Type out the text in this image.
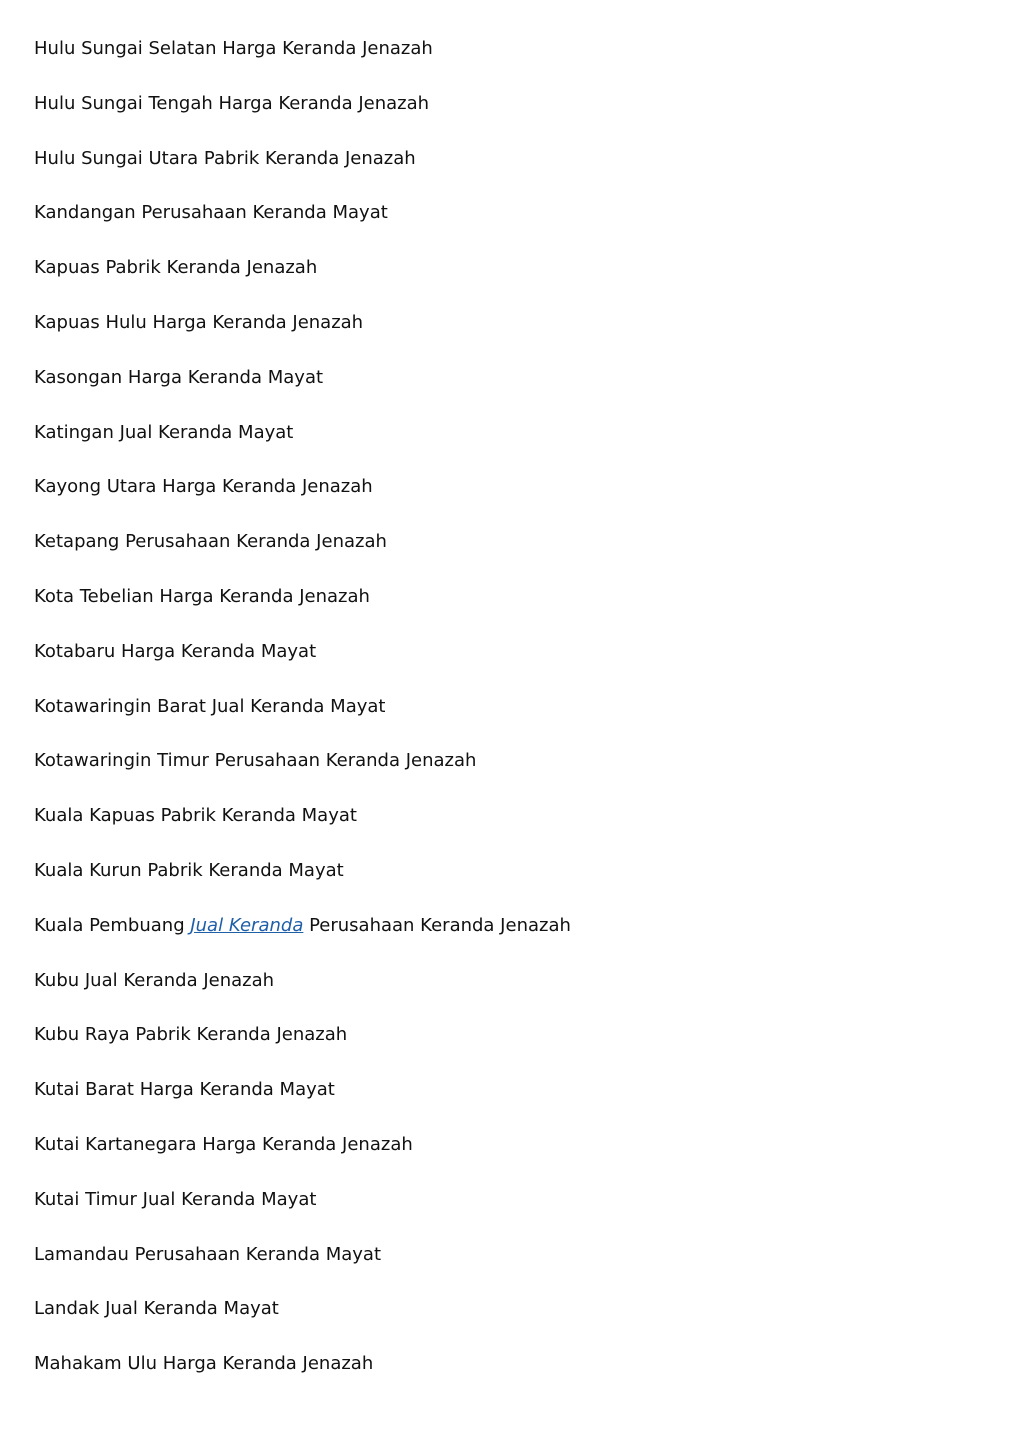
Hulu Sungai Selatan Harga Keranda Jenazah

Hulu Sungai Tengah Harga Keranda Jenazah

Hulu Sungai Utara Pabrik Keranda Jenazah

Kandangan Perusahaan Keranda Mayat

Kapuas Pabrik Keranda Jenazah

Kapuas Hulu Harga Keranda Jenazah

Kasongan Harga Keranda Mayat

Katingan Jual Keranda Mayat

Kayong Utara Harga Keranda Jenazah

Ketapang Perusahaan Keranda Jenazah

Kota Tebelian Harga Keranda Jenazah

Kotabaru Harga Keranda Mayat

Kotawaringin Barat Jual Keranda Mayat

Kotawaringin Timur Perusahaan Keranda Jenazah

Kuala Kapuas Pabrik Keranda Mayat

Kuala Kurun Pabrik Keranda Mayat

Kuala Pembuang Jual Keranda Perusahaan Keranda Jenazah

Kubu Jual Keranda Jenazah

Kubu Raya Pabrik Keranda Jenazah

Kutai Barat Harga Keranda Mayat

Kutai Kartanegara Harga Keranda Jenazah

Kutai Timur Jual Keranda Mayat

Lamandau Perusahaan Keranda Mayat

Landak Jual Keranda Mayat

Mahakam Ulu Harga Keranda Jenazah
